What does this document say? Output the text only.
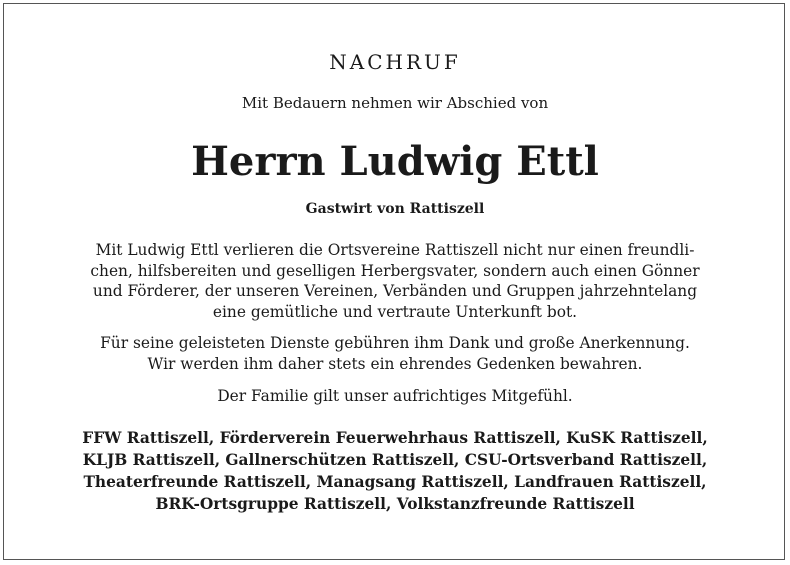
NACHRUF
Mit Bedauern nehmen wir Abschied von
Herrn Ludwig Ettl
Gastwirt von Rattiszell
Mit Ludwig Ettl verlieren die Ortsvereine Rattiszell nicht nur einen freundli-
chen, hilfsbereiten und geselligen Herbergsvater, sondern auch einen Gönner
und Förderer, der unseren Vereinen, Verbänden und Gruppen jahrzehntelang
eine gemütliche und vertraute Unterkunft bot.
Für seine geleisteten Dienste gebühren ihm Dank und große Anerkennung.
Wir werden ihm daher stets ein ehrendes Gedenken bewahren.
Der Familie gilt unser aufrichtiges Mitgefühl.
FFW Rattiszell, Förderverein Feuerwehrhaus Rattiszell, KuSK Rattiszell,
KLJB Rattiszell, Gallnerschützen Rattiszell, CSU-Ortsverband Rattiszell,
Theaterfreunde Rattiszell, Managsang Rattiszell, Landfrauen Rattiszell,
BRK-Ortsgruppe Rattiszell, Volkstanzfreunde Rattiszell
